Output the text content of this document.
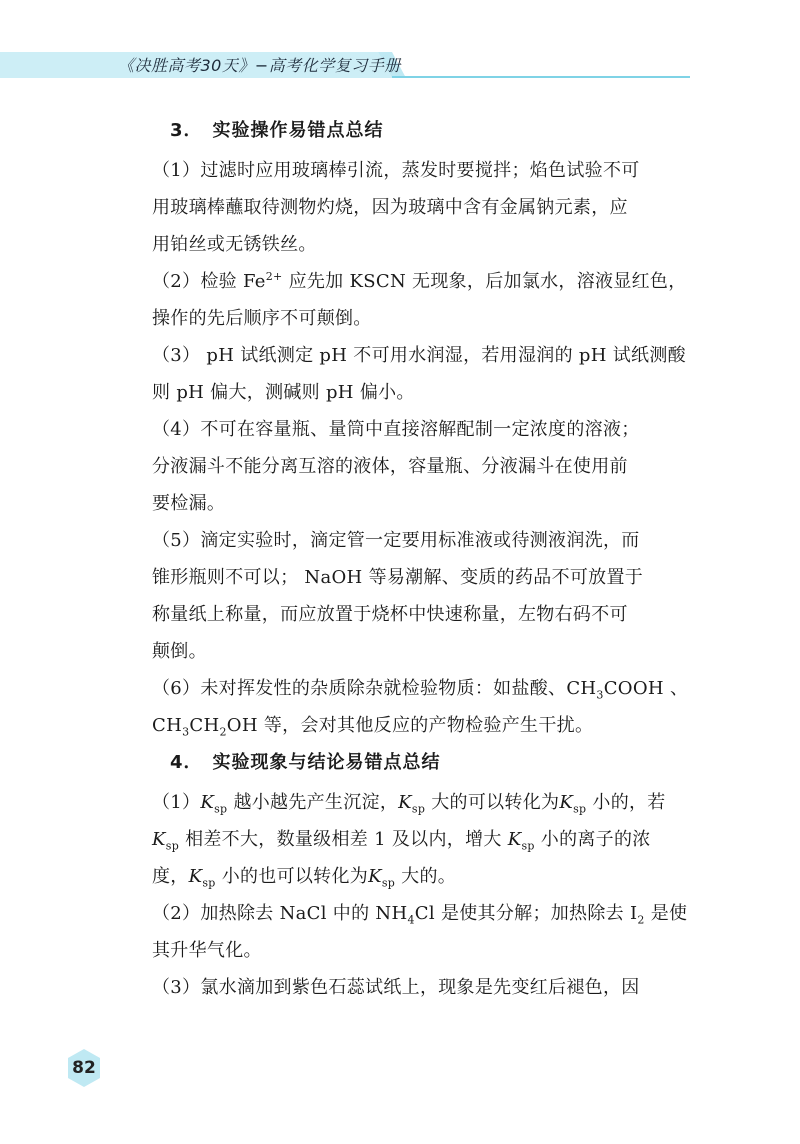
《决胜高考30天》−高考化学复习手册
3． 实验操作易错点总结

（1）过滤时应用玻璃棒引流，蒸发时要搅拌；焰色试验不可
用玻璃棒蘸取待测物灼烧，因为玻璃中含有金属钠元素，应
用铂丝或无锈铁丝。

（2）检验 $Fe^{2+}$ 应先加 KSCN 无现象，后加氯水，溶液显红色，
操作的先后顺序不可颠倒。

（3） pH 试纸测定 pH 不可用水润湿，若用湿润的 pH 试纸测酸
则 pH 偏大，测碱则 pH 偏小。

（4）不可在容量瓶、量筒中直接溶解配制一定浓度的溶液；
分液漏斗不能分离互溶的液体，容量瓶、分液漏斗在使用前
要检漏。

（5）滴定实验时，滴定管一定要用标准液或待测液润洗，而
锥形瓶则不可以； NaOH 等易潮解、变质的药品不可放置于
称量纸上称量，而应放置于烧杯中快速称量，左物右码不可
颠倒。

（6）未对挥发性的杂质除杂就检验物质：如盐酸、$CH_3COOH$ 、
$CH_3CH_2OH$ 等，会对其他反应的产物检验产生干扰。

4． 实验现象与结论易错点总结

$(1)K_{sp}$ 越小越先产生沉淀，$K_{sp}$ 大的可以转化为$K_{sp}$ 小的，若
$K_{sp}$ 相差不大，数量级相差 1 及以内，增大 $K_{sp}$ 小的离子的浓
度，$K_{sp}$ 小的也可以转化为$K_{sp}$ 大的。

（2）加热除去 NaCl 中的 $NH_4Cl$ 是使其分解；加热除去 $I_2$ 是使
其升华气化。

（3）氯水滴加到紫色石蕊试纸上，现象是先变红后褪色，因

82
